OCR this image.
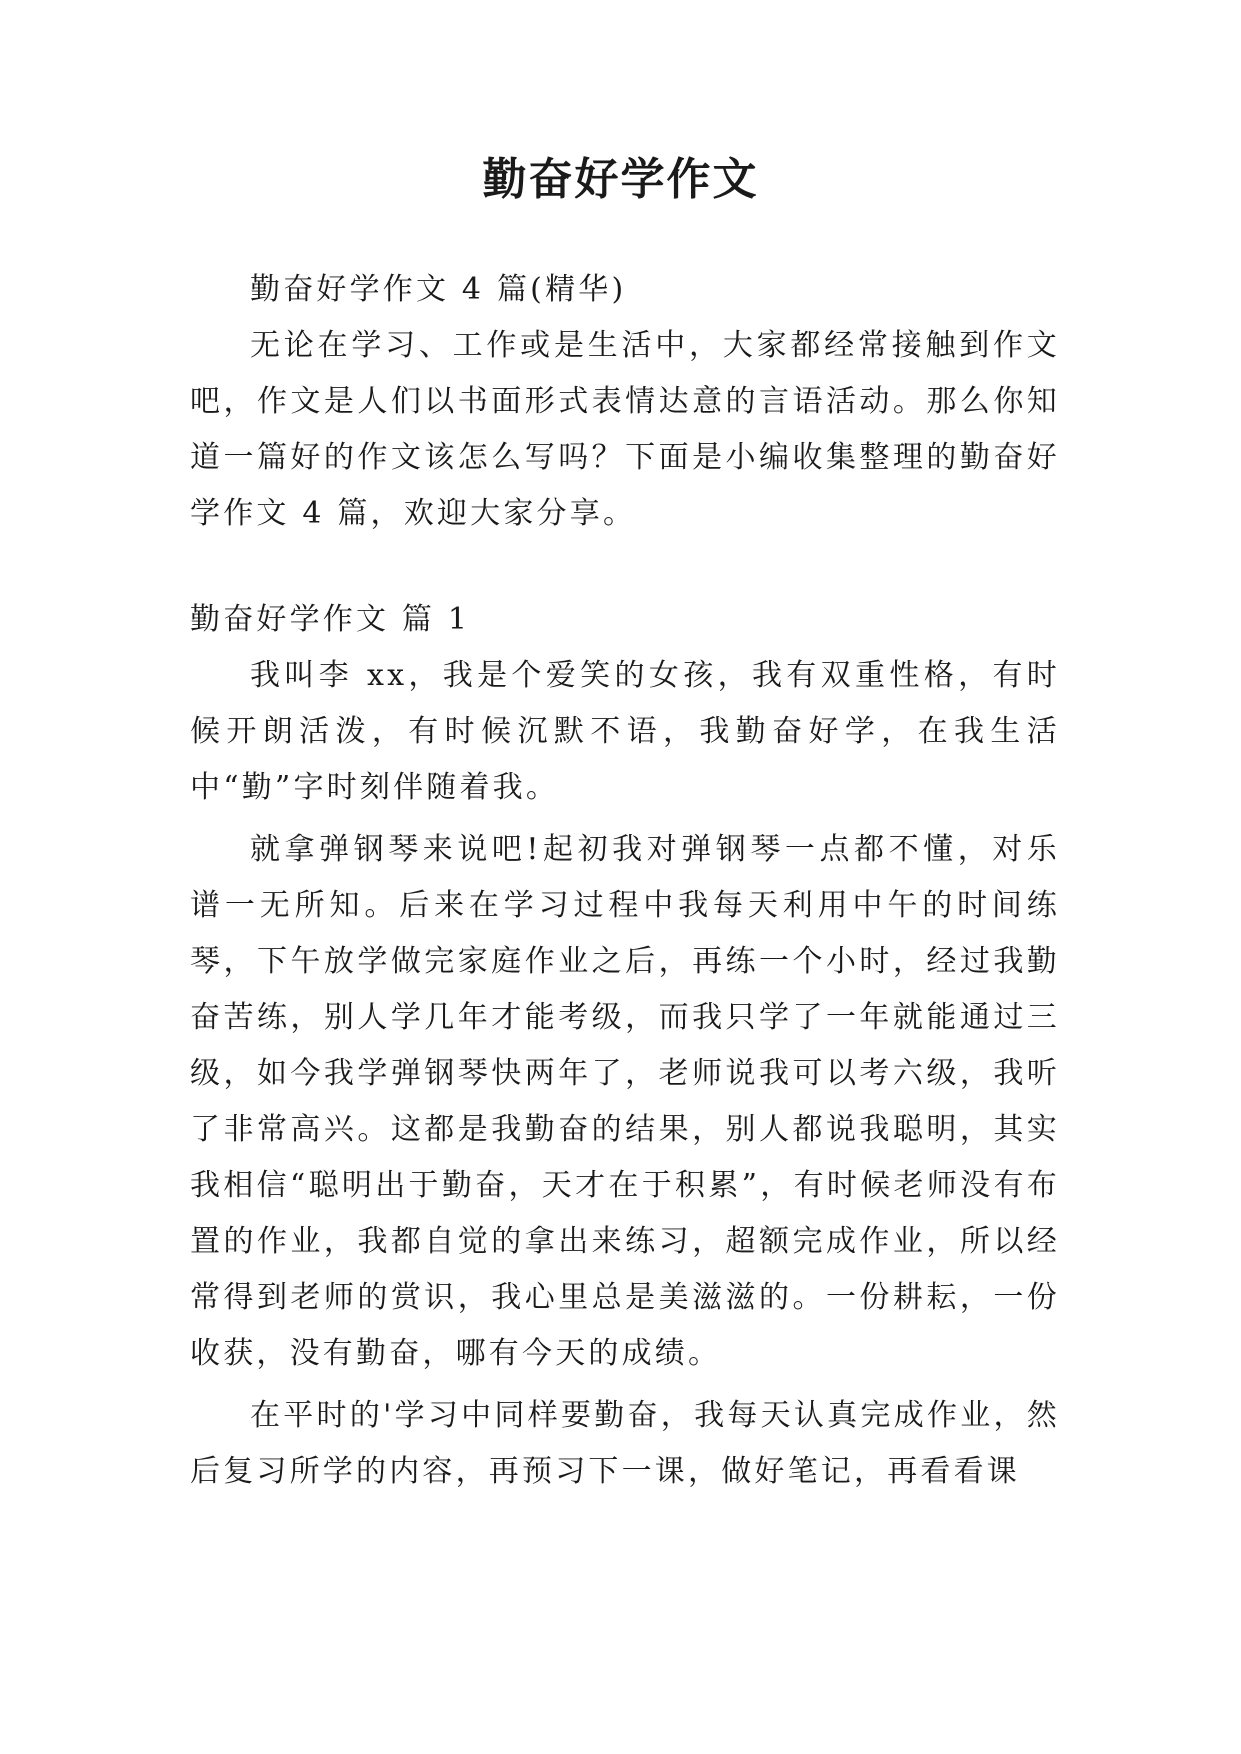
勤奋好学作文

勤奋好学作文 4 篇(精华)

无论在学习、工作或是生活中，大家都经常接触到作文吧，作文是人们以书面形式表情达意的言语活动。那么你知道一篇好的作文该怎么写吗？下面是小编收集整理的勤奋好学作文 4 篇，欢迎大家分享。

勤奋好学作文 篇 1

我叫李 xx，我是个爱笑的女孩，我有双重性格，有时候开朗活泼，有时候沉默不语，我勤奋好学，在我生活中“勤”字时刻伴随着我。

就拿弹钢琴来说吧!起初我对弹钢琴一点都不懂，对乐谱一无所知。后来在学习过程中我每天利用中午的时间练琴，下午放学做完家庭作业之后，再练一个小时，经过我勤奋苦练，别人学几年才能考级，而我只学了一年就能通过三级，如今我学弹钢琴快两年了，老师说我可以考六级，我听了非常高兴。这都是我勤奋的结果，别人都说我聪明，其实我相信“聪明出于勤奋，天才在于积累”，有时候老师没有布置的作业，我都自觉的拿出来练习，超额完成作业，所以经常得到老师的赏识，我心里总是美滋滋的。一份耕耘，一份收获，没有勤奋，哪有今天的成绩。

在平时的'学习中同样要勤奋，我每天认真完成作业，然后复习所学的内容，再预习下一课，做好笔记，再看看课
